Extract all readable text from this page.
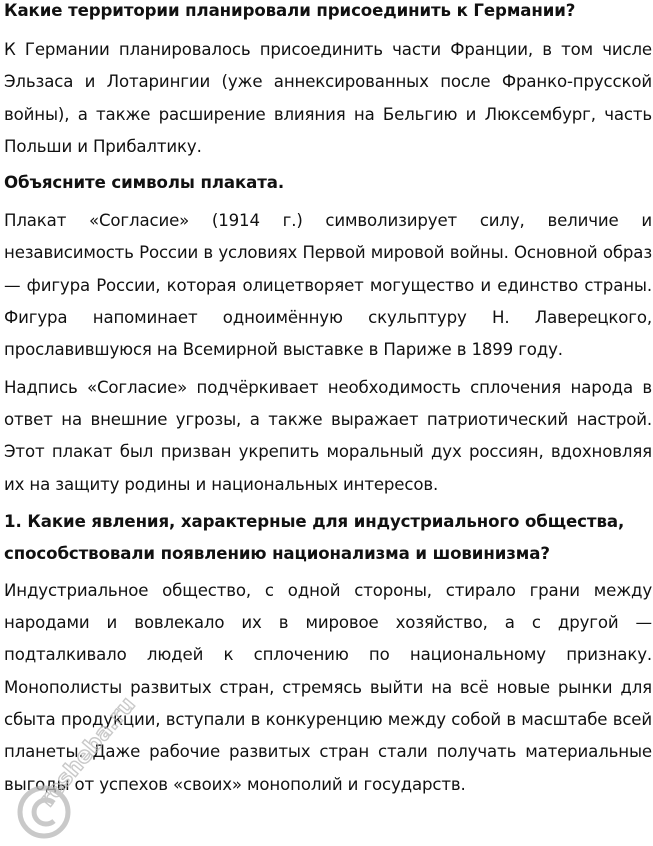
Какие территории планировали присоединить к Германии?

К Германии планировалось присоединить части Франции, в том числе Эльзаса и Лотарингии (уже аннексированных после Франко-прусской войны), а также расширение влияния на Бельгию и Люксембург, часть Польши и Прибалтику.

Объясните символы плаката.

Плакат «Согласие» (1914 г.) символизирует силу, величие и независимость России в условиях Первой мировой войны. Основной образ — фигура России, которая олицетворяет могущество и единство страны. Фигура напоминает одноимённую скульптуру Н. Лаверецкого, прославившуюся на Всемирной выставке в Париже в 1899 году.

Надпись «Согласие» подчёркивает необходимость сплочения народа в ответ на внешние угрозы, а также выражает патриотический настрой. Этот плакат был призван укрепить моральный дух россиян, вдохновляя их на защиту родины и национальных интересов.

1. Какие явления, характерные для индустриального общества, способствовали появлению национализма и шовинизма?

Индустриальное общество, с одной стороны, стирало грани между народами и вовлекало их в мировое хозяйство, а с другой — подталкивало людей к сплочению по национальному признаку. Монополисты развитых стран, стремясь выйти на всё новые рынки для сбыта продукции, вступали в конкуренцию между собой в масштабе всей планеты. Даже рабочие развитых стран стали получать материальные выгоды от успехов «своих» монополий и государств.

resheba.ru
